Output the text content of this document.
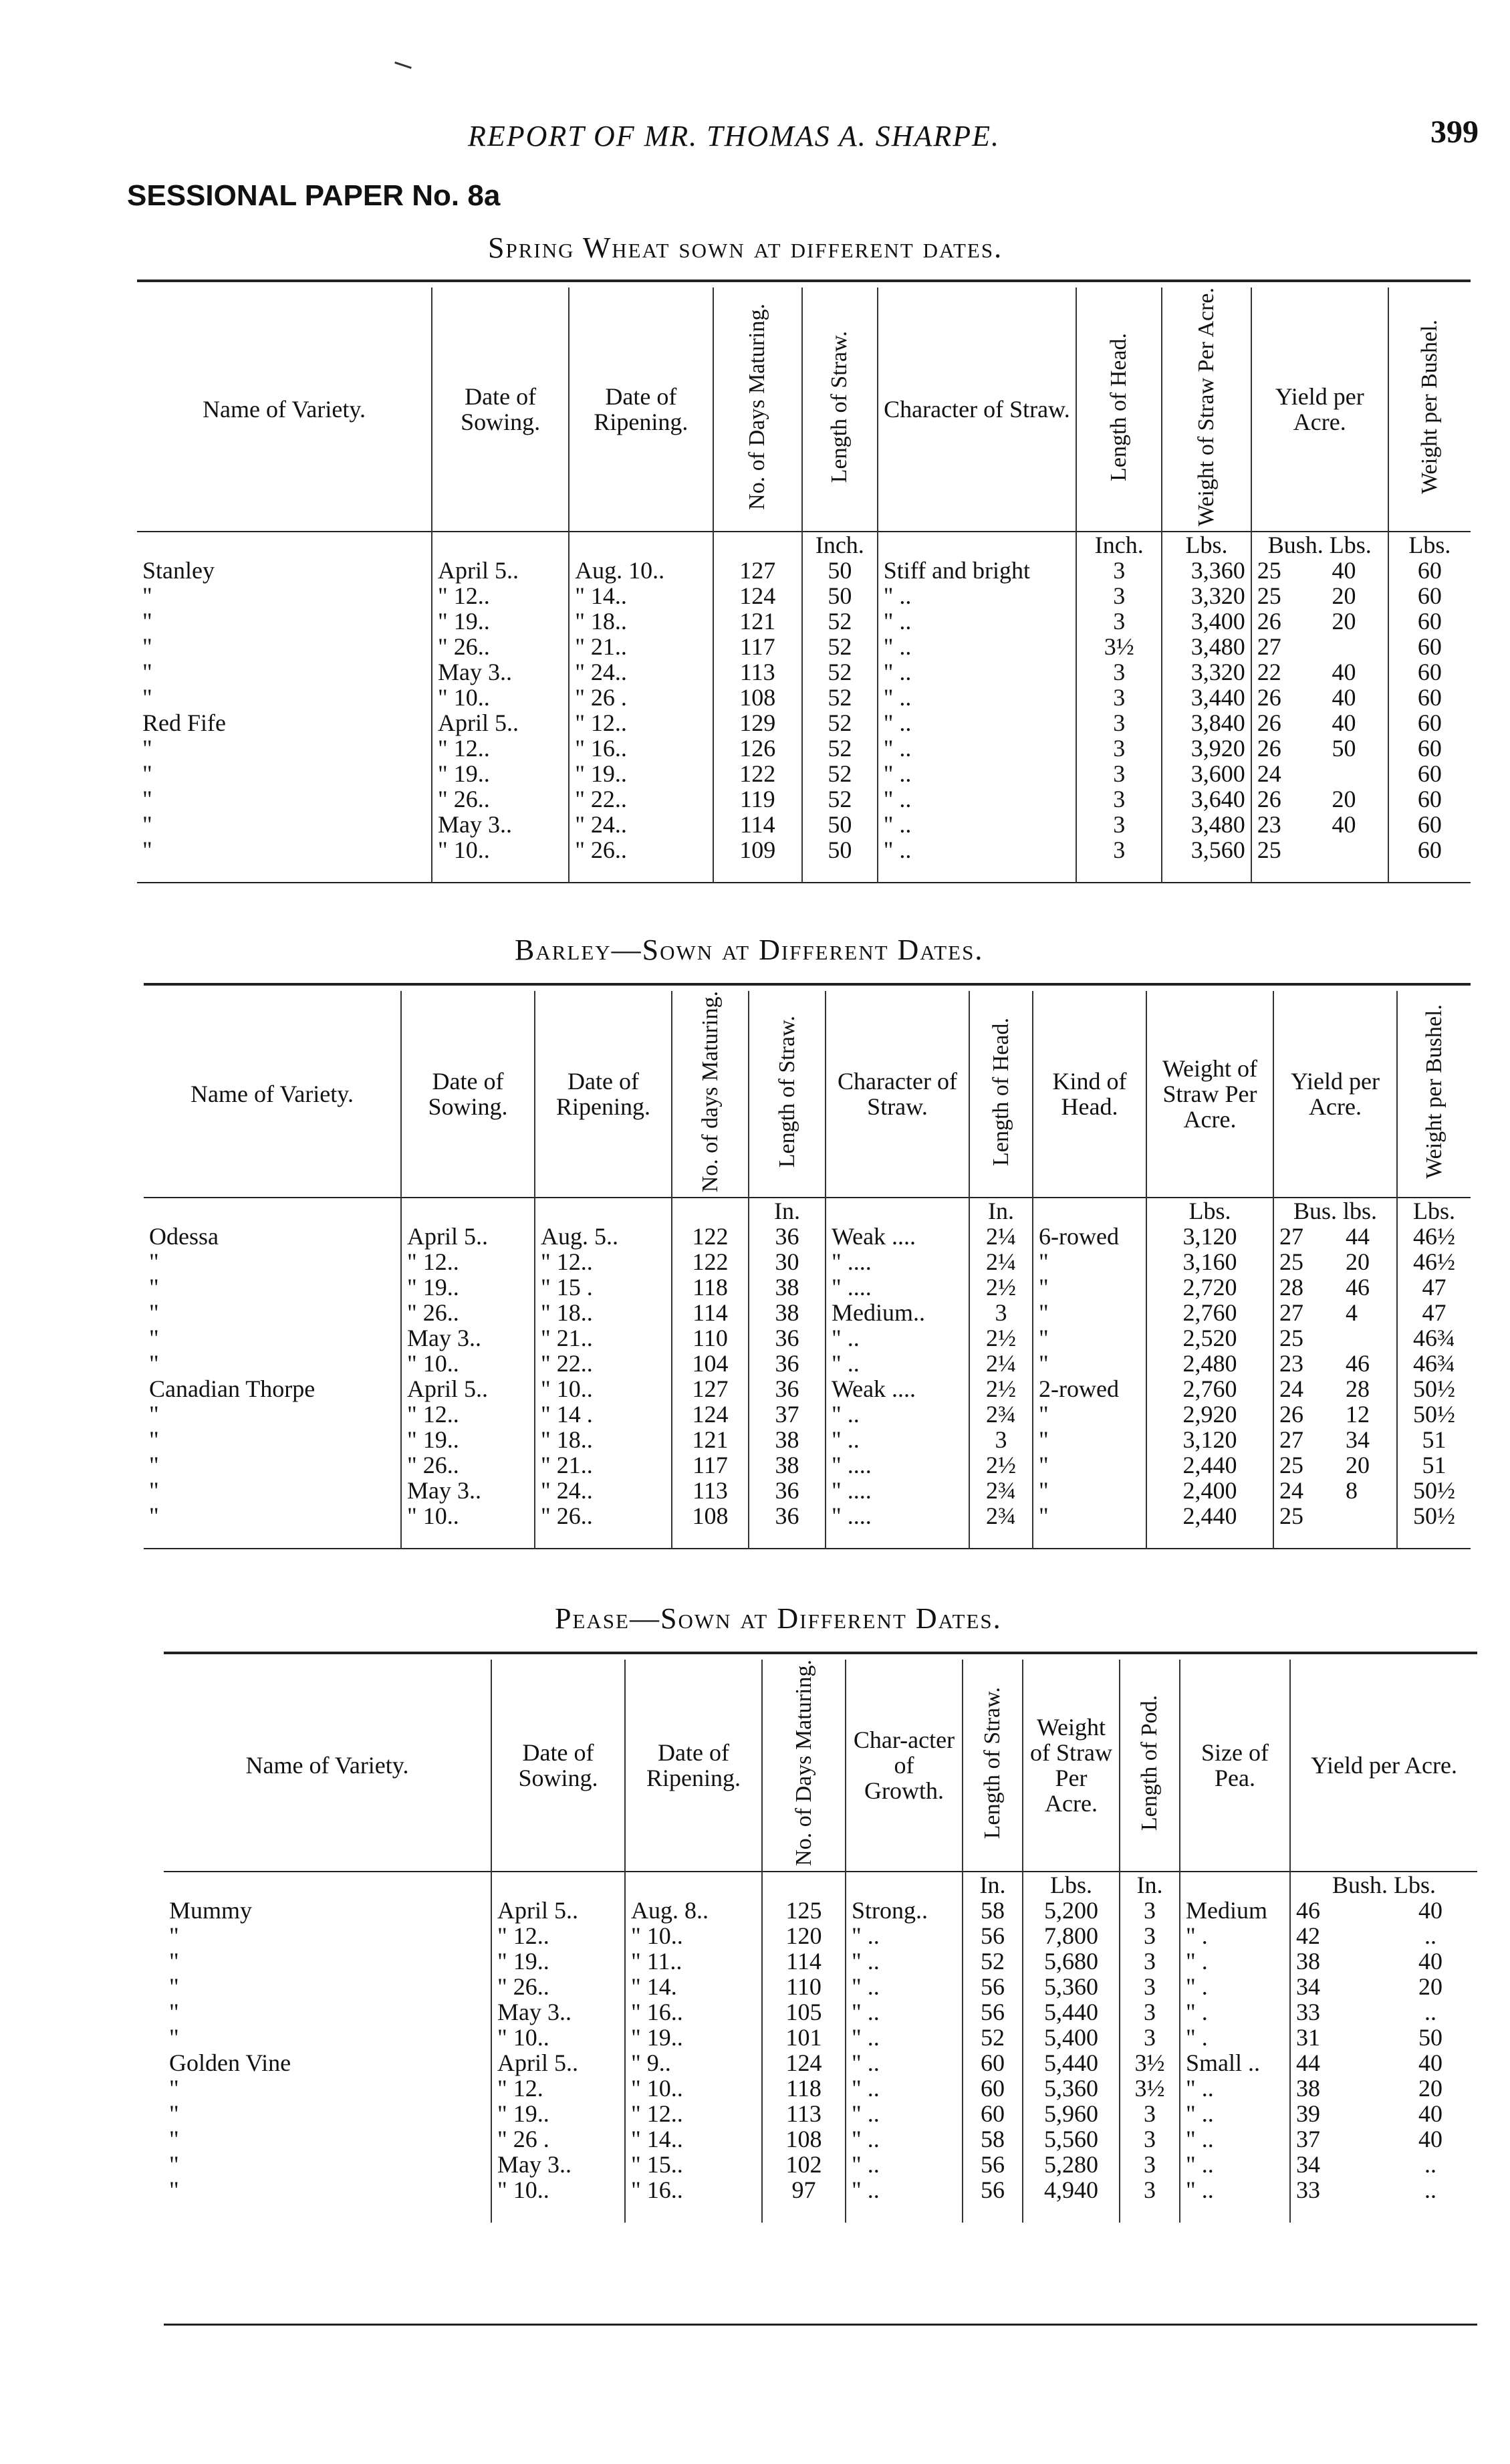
REPORT OF MR. THOMAS A. SHARPE.	399
SESSIONAL PAPER No. 8a
Spring Wheat sown at different dates.
Name of Variety.	Date of Sowing.	Date of Ripening.	No. of Days Maturing.	Length of Straw.	Character of Straw.	Length of Head.	Weight of Straw Per Acre.	Yield per Acre.		Weight per Bushel.
				Inch.		Inch.	Lbs.	Bush. Lbs.		Lbs.
Stanley	April 5..	Aug. 10..	127	50	Stiff and bright	3	3,360	25	40	60
"	" 12..	" 14..	124	50	" ..	3	3,320	25	20	60
"	" 19..	" 18..	121	52	" ..	3	3,400	26	20	60
"	" 26..	" 21..	117	52	" ..	3½	3,480	27		60
"	May 3..	" 24..	113	52	" ..	3	3,320	22	40	60
"	" 10..	" 26 .	108	52	" ..	3	3,440	26	40	60
Red Fife	April 5..	" 12..	129	52	" ..	3	3,840	26	40	60
"	" 12..	" 16..	126	52	" ..	3	3,920	26	50	60
"	" 19..	" 19..	122	52	" ..	3	3,600	24		60
"	" 26..	" 22..	119	52	" ..	3	3,640	26	20	60
"	May 3..	" 24..	114	50	" ..	3	3,480	23	40	60
"	" 10..	" 26..	109	50	" ..	3	3,560	25		60

Barley—Sown at Different Dates.
Name of Variety.	Date of Sowing.	Date of Ripening.	No. of days Maturing.	Length of Straw.	Character of Straw.	Length of Head.	Kind of Head.	Weight of Straw Per Acre.	Yield per Acre.		Weight per Bushel.
				In.		In.		Lbs.	Bus. lbs.		Lbs.
Odessa	April 5..	Aug. 5..	122	36	Weak ....	2¼	6-rowed	3,120	27	44	46½
"	" 12..	" 12..	122	30	" ....	2¼	"	3,160	25	20	46½
"	" 19..	" 15 .	118	38	" ....	2½	"	2,720	28	46	47
"	" 26..	" 18..	114	38	Medium..	3	"	2,760	27	4	47
"	May 3..	" 21..	110	36	" ..	2½	"	2,520	25		46¾
"	" 10..	" 22..	104	36	" ..	2¼	"	2,480	23	46	46¾
Canadian Thorpe	April 5..	" 10..	127	36	Weak ....	2½	2-rowed	2,760	24	28	50½
"	" 12..	" 14 .	124	37	" ..	2¾	"	2,920	26	12	50½
"	" 19..	" 18..	121	38	" ..	3	"	3,120	27	34	51
"	" 26..	" 21..	117	38	" ....	2½	"	2,440	25	20	51
"	May 3..	" 24..	113	36	" ....	2¾	"	2,400	24	8	50½
"	" 10..	" 26..	108	36	" ....	2¾	"	2,440	25		50½

Pease—Sown at Different Dates.
Name of Variety.	Date of Sowing.	Date of Ripening.	No. of Days Maturing.	Char-acter of Growth.	Length of Straw.	Weight of Straw Per Acre.	Length of Pod.	Size of Pea.	Yield per Acre.	
					In.	Lbs.	In.		Bush. Lbs.	
Mummy	April 5..	Aug. 8..	125	Strong..	58	5,200	3	Medium	46	40
"	" 12..	" 10..	120	" ..	56	7,800	3	" .	42	..
"	" 19..	" 11..	114	" ..	52	5,680	3	" .	38	40
"	" 26..	" 14.	110	" ..	56	5,360	3	" .	34	20
"	May 3..	" 16..	105	" ..	56	5,440	3	" .	33	..
"	" 10..	" 19..	101	" ..	52	5,400	3	" .	31	50
Golden Vine	April 5..	" 9..	124	" ..	60	5,440	3½	Small ..	44	40
"	" 12.	" 10..	118	" ..	60	5,360	3½	" ..	38	20
"	" 19..	" 12..	113	" ..	60	5,960	3	" ..	39	40
"	" 26 .	" 14..	108	" ..	58	5,560	3	" ..	37	40
"	May 3..	" 15..	102	" ..	56	5,280	3	" ..	34	..
"	" 10..	" 16..	97	" ..	56	4,940	3	" ..	33	..
